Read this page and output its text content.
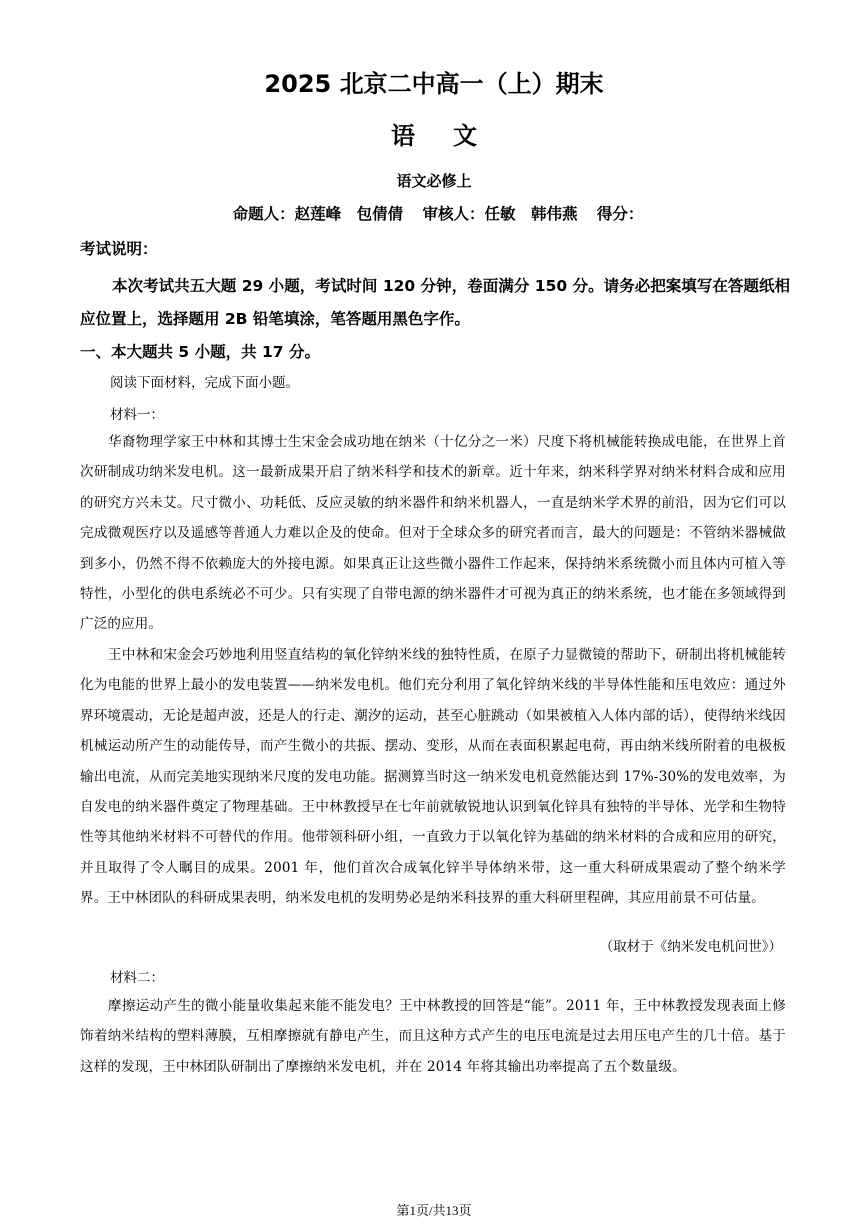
2025 北京二中高一（上）期末
语文
语文必修上
命题人：赵莲峰　包倩倩 审核人：任敏　韩伟燕 得分：
考试说明：
本次考试共五大题 29 小题，考试时间 120 分钟，卷面满分 150 分。请务必把案填写在答题纸相应位置上，选择题用 2B 铅笔填涂，笔答题用黑色字作。
一、本大题共 5 小题，共 17 分。
阅读下面材料，完成下面小题。
材料一：
华裔物理学家王中林和其博士生宋金会成功地在纳米（十亿分之一米）尺度下将机械能转换成电能，在世界上首次研制成功纳米发电机。这一最新成果开启了纳米科学和技术的新章。近十年来，纳米科学界对纳米材料合成和应用的研究方兴未艾。尺寸微小、功耗低、反应灵敏的纳米器件和纳米机器人，一直是纳米学术界的前沿，因为它们可以完成微观医疗以及遥感等普通人力难以企及的使命。但对于全球众多的研究者而言，最大的问题是：不管纳米器械做到多小，仍然不得不依赖庞大的外接电源。如果真正让这些微小器件工作起来，保持纳米系统微小而且体内可植入等特性，小型化的供电系统必不可少。只有实现了自带电源的纳米器件才可视为真正的纳米系统，也才能在多领域得到广泛的应用。
王中林和宋金会巧妙地利用竖直结构的氧化锌纳米线的独特性质，在原子力显微镜的帮助下，研制出将机械能转化为电能的世界上最小的发电装置——纳米发电机。他们充分利用了氧化锌纳米线的半导体性能和压电效应：通过外界环境震动，无论是超声波，还是人的行走、潮汐的运动，甚至心脏跳动（如果被植入人体内部的话），使得纳米线因机械运动所产生的动能传导，而产生微小的共振、摆动、变形，从而在表面积累起电荷，再由纳米线所附着的电极板输出电流，从而完美地实现纳米尺度的发电功能。据测算当时这一纳米发电机竟然能达到 17%-30%的发电效率，为自发电的纳米器件奠定了物理基础。王中林教授早在七年前就敏锐地认识到氧化锌具有独特的半导体、光学和生物特性等其他纳米材料不可替代的作用。他带领科研小组，一直致力于以氧化锌为基础的纳米材料的合成和应用的研究，并且取得了令人瞩目的成果。2001 年，他们首次合成氧化锌半导体纳米带，这一重大科研成果震动了整个纳米学界。王中林团队的科研成果表明，纳米发电机的发明势必是纳米科技界的重大科研里程碑，其应用前景不可估量。
（取材于《纳米发电机问世》）
材料二：
摩擦运动产生的微小能量收集起来能不能发电？王中林教授的回答是“能”。2011 年，王中林教授发现表面上修饰着纳米结构的塑料薄膜，互相摩擦就有静电产生，而且这种方式产生的电压电流是过去用压电产生的几十倍。基于这样的发现，王中林团队研制出了摩擦纳米发电机，并在 2014 年将其输出功率提高了五个数量级。
第1页/共13页
